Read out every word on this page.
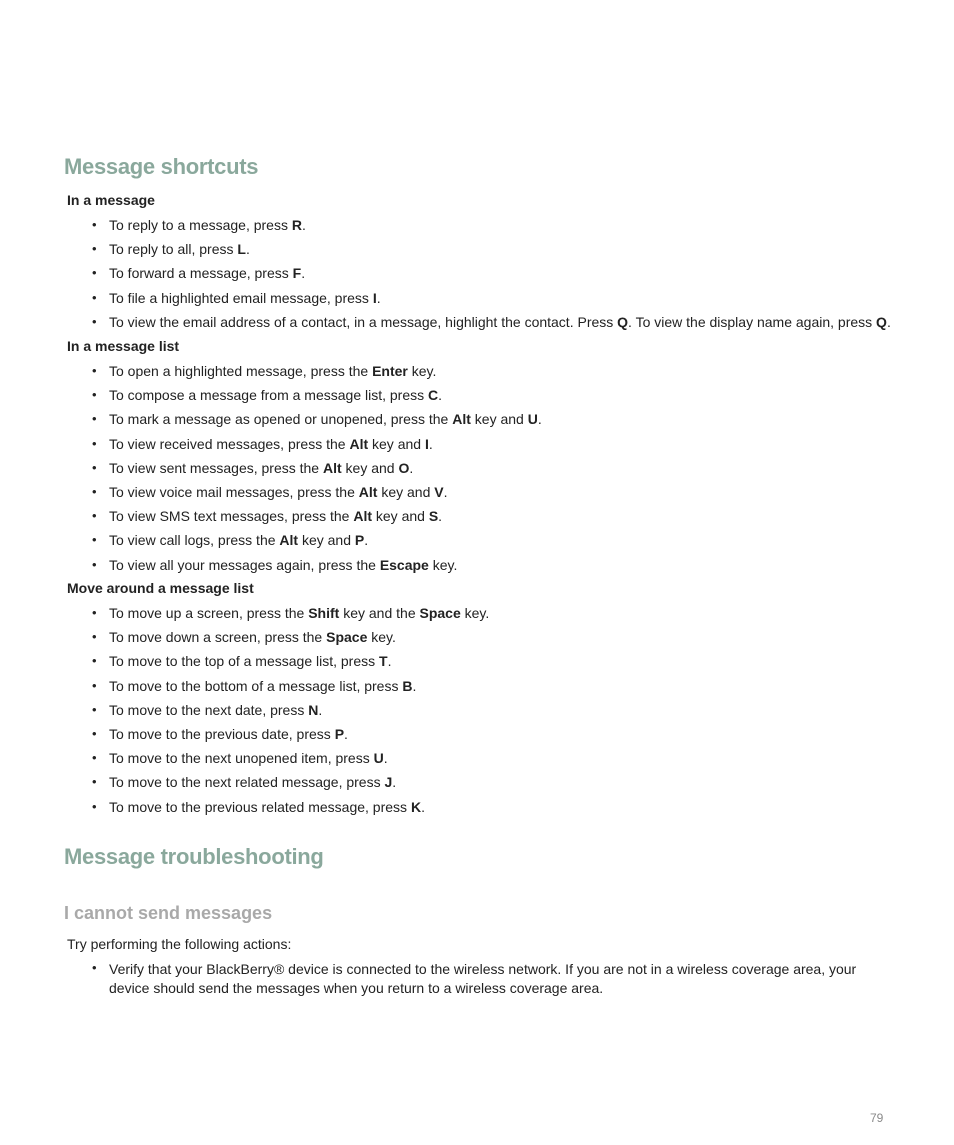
Message shortcuts
In a message
• To reply to a message, press R.
• To reply to all, press L.
• To forward a message, press F.
• To file a highlighted email message, press I.
• To view the email address of a contact, in a message, highlight the contact. Press Q. To view the display name again, press Q.
In a message list
• To open a highlighted message, press the Enter key.
• To compose a message from a message list, press C.
• To mark a message as opened or unopened, press the Alt key and U.
• To view received messages, press the Alt key and I.
• To view sent messages, press the Alt key and O.
• To view voice mail messages, press the Alt key and V.
• To view SMS text messages, press the Alt key and S.
• To view call logs, press the Alt key and P.
• To view all your messages again, press the Escape key.
Move around a message list
• To move up a screen, press the Shift key and the Space key.
• To move down a screen, press the Space key.
• To move to the top of a message list, press T.
• To move to the bottom of a message list, press B.
• To move to the next date, press N.
• To move to the previous date, press P.
• To move to the next unopened item, press U.
• To move to the next related message, press J.
• To move to the previous related message, press K.
Message troubleshooting
I cannot send messages

Try performing the following actions:

• Verify that your BlackBerry® device is connected to the wireless network. If you are not in a wireless coverage area, your device should send the messages when you return to a wireless coverage area.

79
